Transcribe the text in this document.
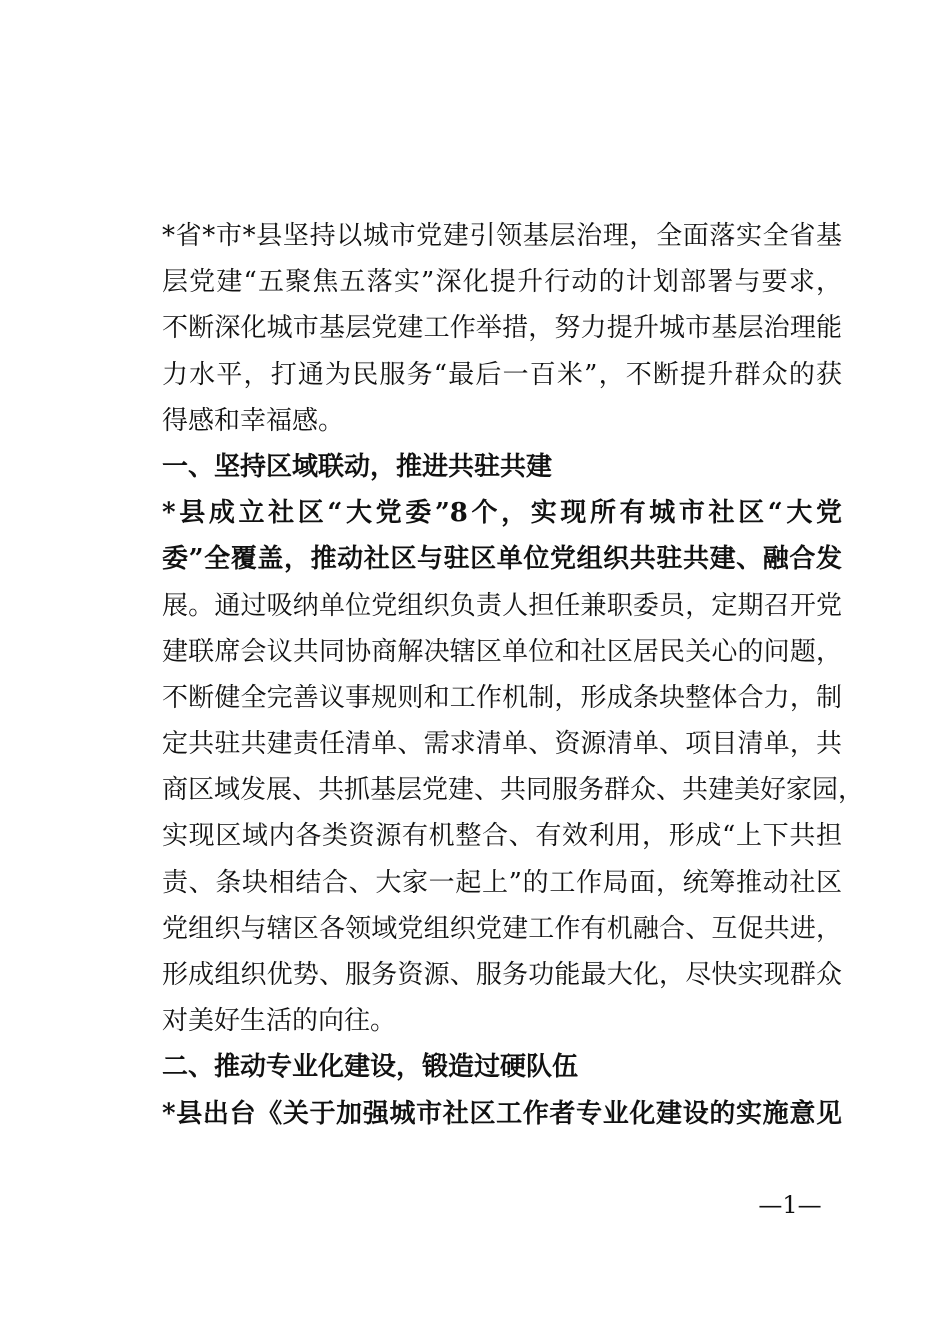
*省*市*县坚持以城市党建引领基层治理，全面落实全省基
层党建“五聚焦五落实”深化提升行动的计划部署与要求，
不断深化城市基层党建工作举措，努力提升城市基层治理能
力水平，打通为民服务“最后一百米”，不断提升群众的获
得感和幸福感。
一、坚持区域联动，推进共驻共建
*县成立社区“大党委”8个，实现所有城市社区“大党
委”全覆盖，推动社区与驻区单位党组织共驻共建、融合发
展。通过吸纳单位党组织负责人担任兼职委员，定期召开党
建联席会议共同协商解决辖区单位和社区居民关心的问题，
不断健全完善议事规则和工作机制，形成条块整体合力，制
定共驻共建责任清单、需求清单、资源清单、项目清单，共
商区域发展、共抓基层党建、共同服务群众、共建美好家园，
实现区域内各类资源有机整合、有效利用，形成“上下共担
责、条块相结合、大家一起上”的工作局面，统筹推动社区
党组织与辖区各领域党组织党建工作有机融合、互促共进，
形成组织优势、服务资源、服务功能最大化，尽快实现群众
对美好生活的向往。
二、推动专业化建设，锻造过硬队伍
*县出台《关于加强城市社区工作者专业化建设的实施意见
—1—
